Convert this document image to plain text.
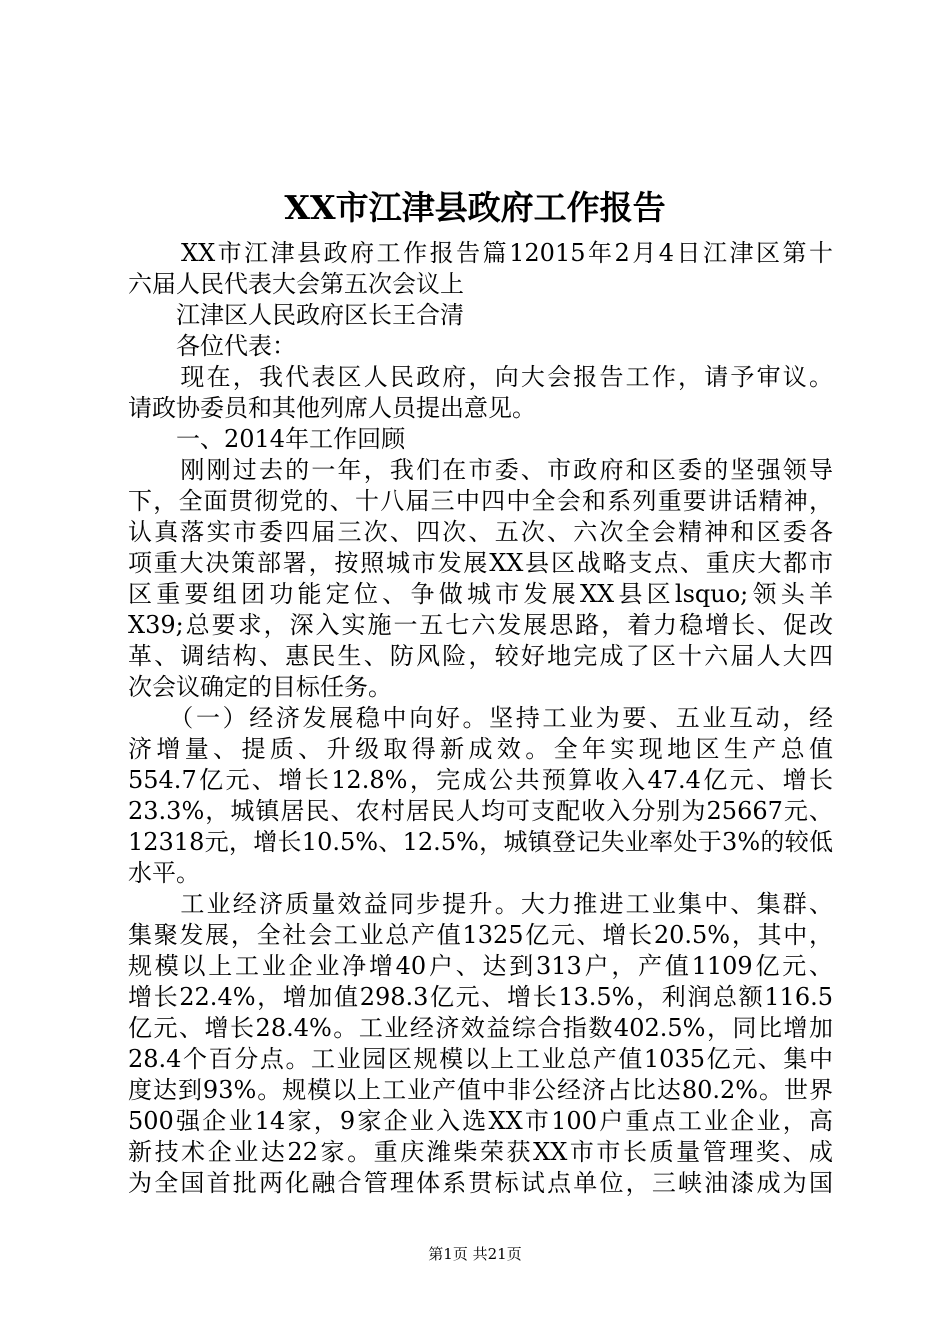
XX市江津县政府工作报告
　　XX市江津县政府工作报告篇12015年2月4日江津区第十
六届人民代表大会第五次会议上
　　江津区人民政府区长王合清
　　各位代表：
　　现在，我代表区人民政府，向大会报告工作，请予审议。
请政协委员和其他列席人员提出意见。
　　一、2014年工作回顾
　　刚刚过去的一年，我们在市委、市政府和区委的坚强领导
下，全面贯彻党的、十八届三中四中全会和系列重要讲话精神，
认真落实市委四届三次、四次、五次、六次全会精神和区委各
项重大决策部署，按照城市发展XX县区战略支点、重庆大都市
区重要组团功能定位、争做城市发展XX县区lsquo;领头羊
X39;总要求，深入实施一五七六发展思路，着力稳增长、促改
革、调结构、惠民生、防风险，较好地完成了区十六届人大四
次会议确定的目标任务。
　　（一）经济发展稳中向好。坚持工业为要、五业互动，经
济增量、提质、升级取得新成效。全年实现地区生产总值
554.7亿元、增长12.8%，完成公共预算收入47.4亿元、增长
23.3%，城镇居民、农村居民人均可支配收入分别为25667元、
12318元，增长10.5%、12.5%，城镇登记失业率处于3%的较低
水平。
　　工业经济质量效益同步提升。大力推进工业集中、集群、
集聚发展，全社会工业总产值1325亿元、增长20.5%，其中，
规模以上工业企业净增40户、达到313户，产值1109亿元、
增长22.4%，增加值298.3亿元、增长13.5%，利润总额116.5
亿元、增长28.4%。工业经济效益综合指数402.5%，同比增加
28.4个百分点。工业园区规模以上工业总产值1035亿元、集中
度达到93%。规模以上工业产值中非公经济占比达80.2%。世界
500强企业14家，9家企业入选XX市100户重点工业企业，高
新技术企业达22家。重庆潍柴荣获XX市市长质量管理奖、成
为全国首批两化融合管理体系贯标试点单位，三峡油漆成为国
第1页 共21页
